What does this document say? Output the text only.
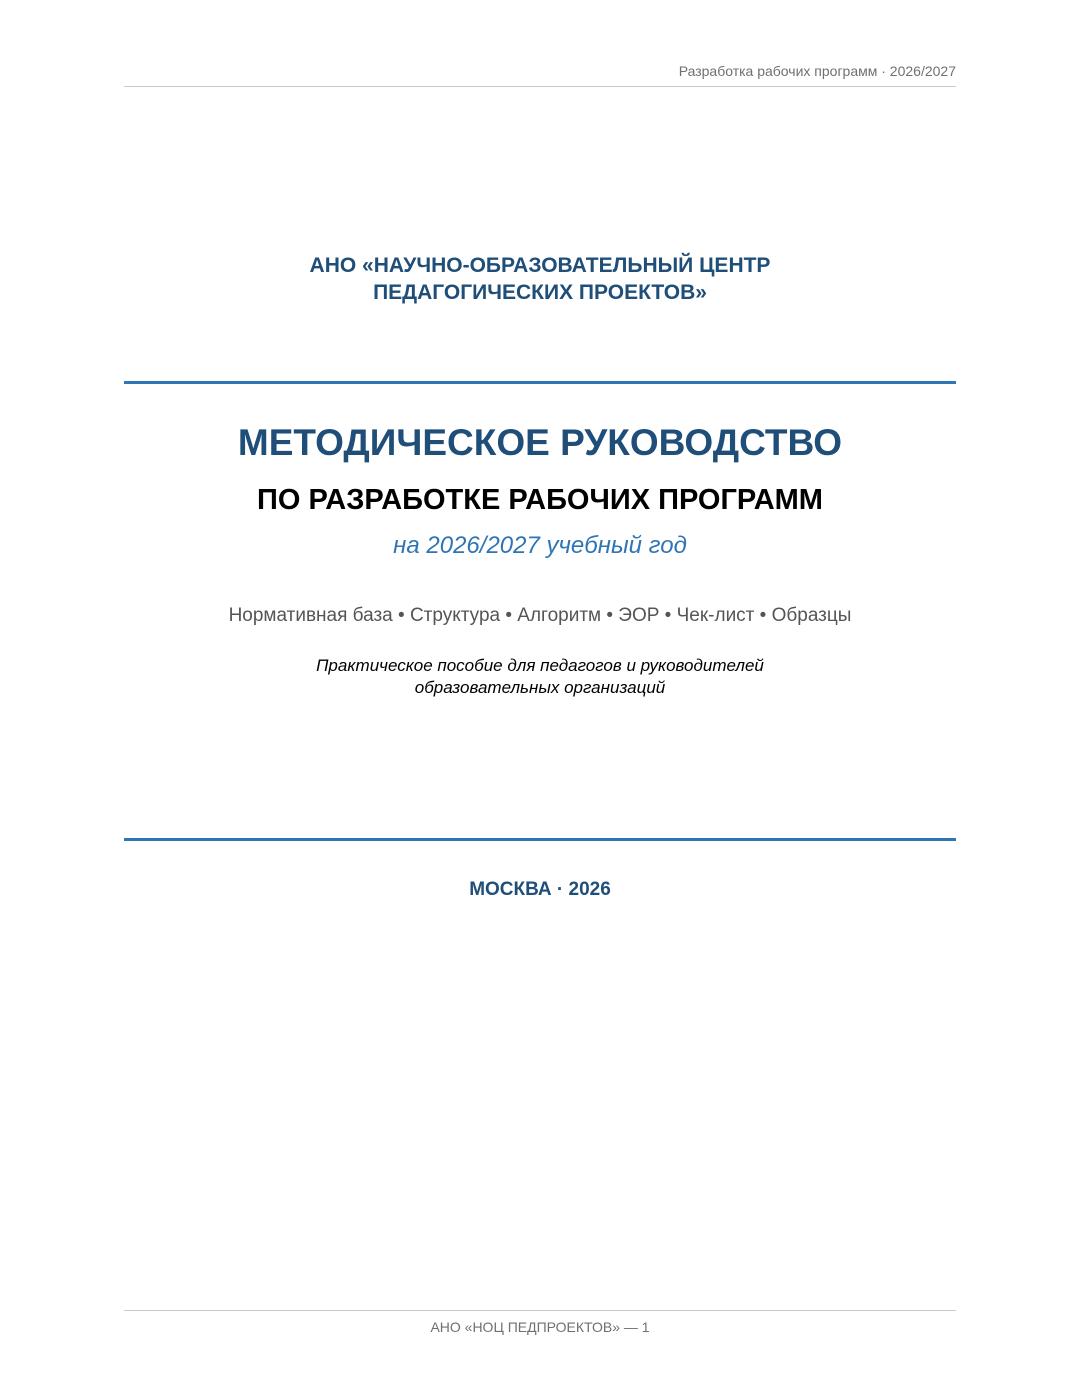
Разработка рабочих программ · 2026/2027
АНО «НАУЧНО-ОБРАЗОВАТЕЛЬНЫЙ ЦЕНТР
ПЕДАГОГИЧЕСКИХ ПРОЕКТОВ»
МЕТОДИЧЕСКОЕ РУКОВОДСТВО
ПО РАЗРАБОТКЕ РАБОЧИХ ПРОГРАММ
на 2026/2027 учебный год
Нормативная база • Структура • Алгоритм • ЭОР • Чек-лист • Образцы
Практическое пособие для педагогов и руководителей
образовательных организаций
МОСКВА · 2026
АНО «НОЦ ПЕДПРОЕКТОВ» — 1
